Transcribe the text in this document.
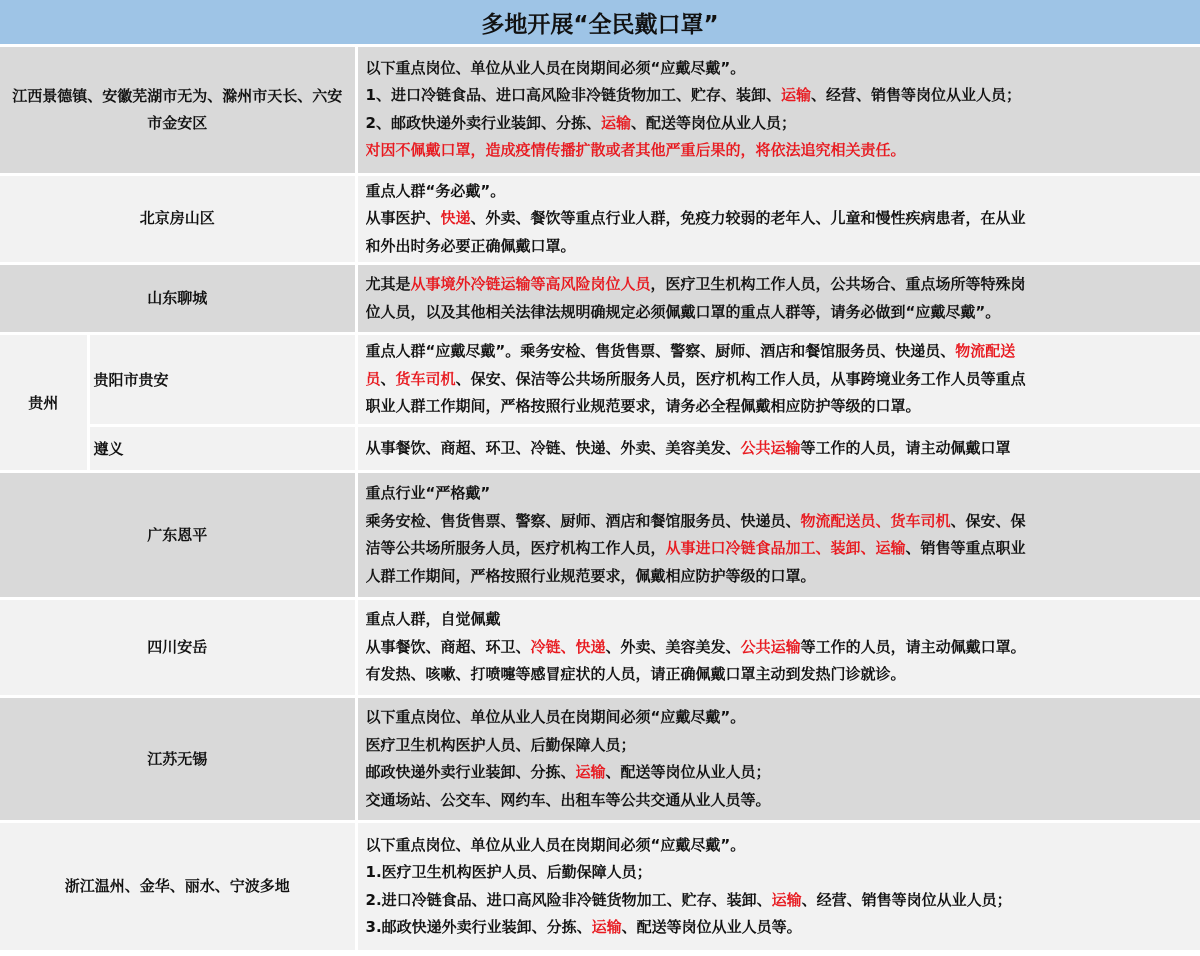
多地开展“全民戴口罩”
江西景德镇、安徽芜湖市无为、滁州市天长、六安市金安区		以下重点岗位、单位从业人员在岗期间必须“应戴尽戴”。
1、进口冷链食品、进口高风险非冷链货物加工、贮存、装卸、运输、经营、销售等岗位从业人员；
2、邮政快递外卖行业装卸、分拣、运输、配送等岗位从业人员；
对因不佩戴口罩，造成疫情传播扩散或者其他严重后果的，将依法追究相关责任。

北京房山区		重点人群“务必戴”。
从事医护、快递、外卖、餐饮等重点行业人群，免疫力较弱的老年人、儿童和慢性疾病患者，在从业
和外出时务必要正确佩戴口罩。

山东聊城		尤其是从事境外冷链运输等高风险岗位人员，医疗卫生机构工作人员，公共场合、重点场所等特殊岗
位人员，以及其他相关法律法规明确规定必须佩戴口罩的重点人群等，请务必做到“应戴尽戴”。

贵州	贵阳市贵安	重点人群“应戴尽戴”。乘务安检、售货售票、警察、厨师、酒店和餐馆服务员、快递员、物流配送
员、货车司机、保安、保洁等公共场所服务人员，医疗机构工作人员，从事跨境业务工作人员等重点
职业人群工作期间，严格按照行业规范要求，请务必全程佩戴相应防护等级的口罩。

	遵义	从事餐饮、商超、环卫、冷链、快递、外卖、美容美发、公共运输等工作的人员，请主动佩戴口罩

广东恩平		重点行业“严格戴”
乘务安检、售货售票、警察、厨师、酒店和餐馆服务员、快递员、物流配送员、货车司机、保安、保
洁等公共场所服务人员，医疗机构工作人员，从事进口冷链食品加工、装卸、运输、销售等重点职业
人群工作期间，严格按照行业规范要求，佩戴相应防护等级的口罩。

四川安岳		重点人群，自觉佩戴
从事餐饮、商超、环卫、冷链、快递、外卖、美容美发、公共运输等工作的人员，请主动佩戴口罩。
有发热、咳嗽、打喷嚏等感冒症状的人员，请正确佩戴口罩主动到发热门诊就诊。

江苏无锡		以下重点岗位、单位从业人员在岗期间必须“应戴尽戴”。
医疗卫生机构医护人员、后勤保障人员；
邮政快递外卖行业装卸、分拣、运输、配送等岗位从业人员；
交通场站、公交车、网约车、出租车等公共交通从业人员等。

浙江温州、金华、丽水、宁波多地		以下重点岗位、单位从业人员在岗期间必须“应戴尽戴”。
1.医疗卫生机构医护人员、后勤保障人员；
2.进口冷链食品、进口高风险非冷链货物加工、贮存、装卸、运输、经营、销售等岗位从业人员；
3.邮政快递外卖行业装卸、分拣、运输、配送等岗位从业人员等。
